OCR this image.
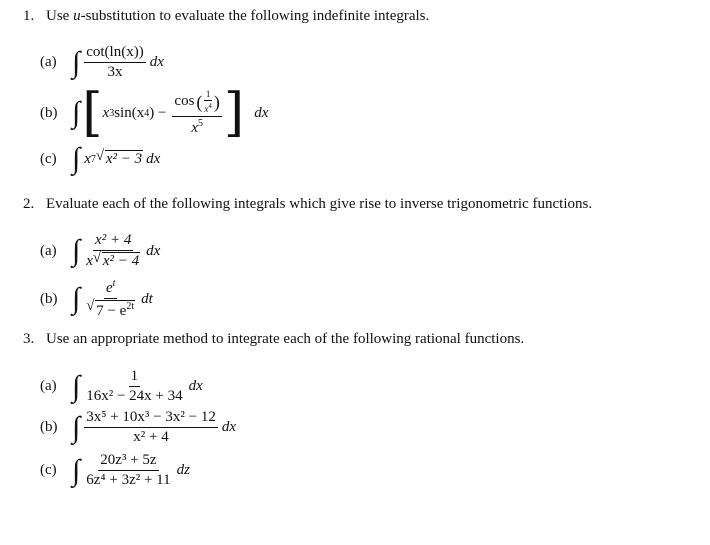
1. Use u-substitution to evaluate the following indefinite integrals.
(a) ∫ $\frac{\cot(\ln(x))}{3x}$ dx
(b) ∫ [ x 3 sin(x 4 ) −
cos ( $\frac{1}{x^4}$ )
$x^5$ ] dx
(c) ∫ x 7 √ x² − 3 dx
2. Evaluate each of the following integrals which give rise to inverse trigonometric functions.
(a) ∫ $\frac{\text{x² + 4}}{\text{x √ x² − 4}}$ dx
(b) ∫ $\frac{e^t}{√ 7 - e^{2t}}$ dt
3. Use an appropriate method to integrate each of the following rational functions.
(a) ∫ $\frac{1}{\text{16x² − 24x + 34}}$ dx
(b) ∫ $\frac{\text{3x⁵ + 10x³ − 3x² − 12}}{\text{x² + 4}}$ dx
(c) ∫ $\frac{\text{20z³ + 5z}}{\text{6z⁴ + 3z² + 11}}$ dz
